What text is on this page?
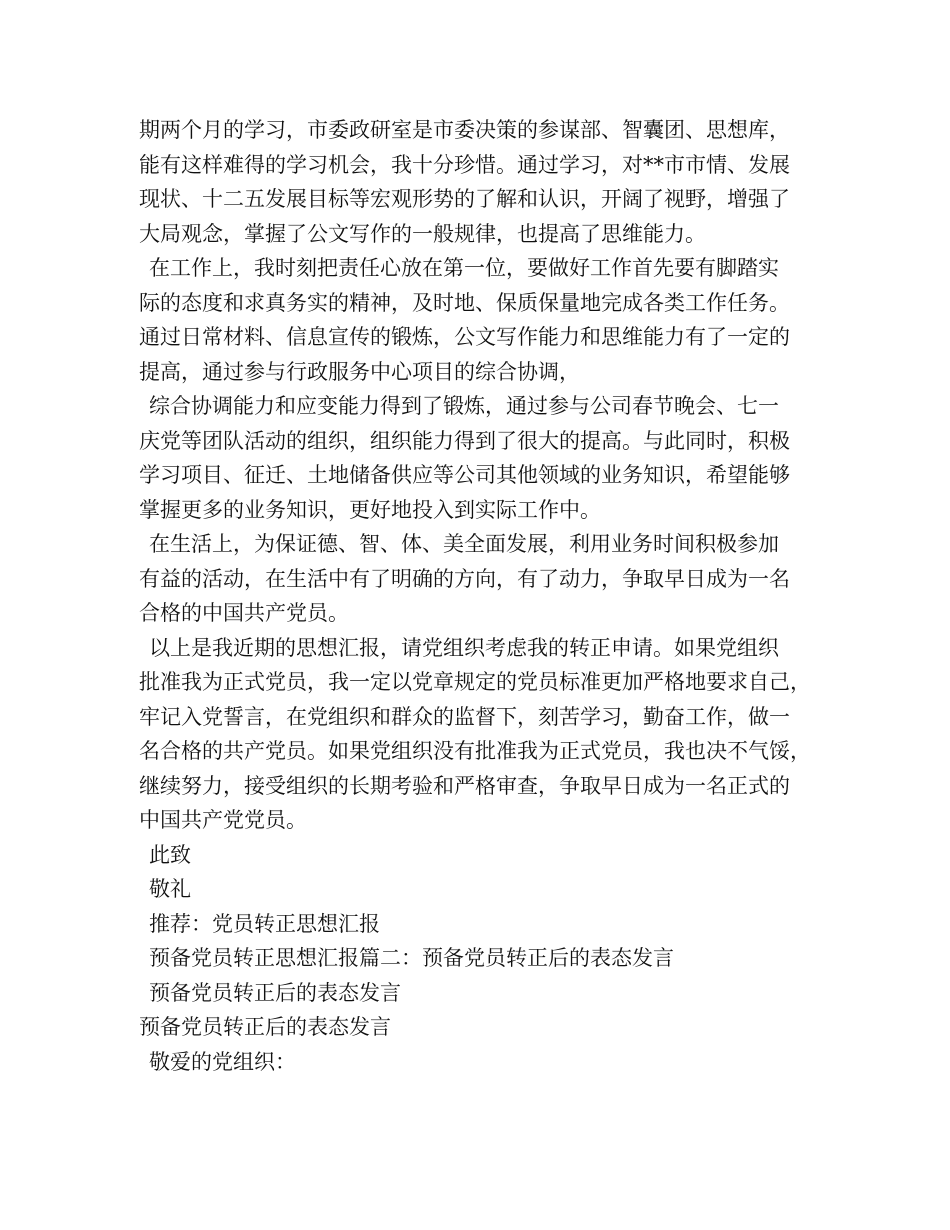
期两个月的学习，市委政研室是市委决策的参谋部、智囊团、思想库，
能有这样难得的学习机会，我十分珍惜。通过学习，对**市市情、发展
现状、十二五发展目标等宏观形势的了解和认识，开阔了视野，增强了
大局观念，掌握了公文写作的一般规律，也提高了思维能力。
在工作上，我时刻把责任心放在第一位，要做好工作首先要有脚踏实
际的态度和求真务实的精神，及时地、保质保量地完成各类工作任务。
通过日常材料、信息宣传的锻炼，公文写作能力和思维能力有了一定的
提高，通过参与行政服务中心项目的综合协调，
综合协调能力和应变能力得到了锻炼，通过参与公司春节晚会、七一
庆党等团队活动的组织，组织能力得到了很大的提高。与此同时，积极
学习项目、征迁、土地储备供应等公司其他领域的业务知识，希望能够
掌握更多的业务知识，更好地投入到实际工作中。
在生活上，为保证德、智、体、美全面发展，利用业务时间积极参加
有益的活动，在生活中有了明确的方向，有了动力，争取早日成为一名
合格的中国共产党员。
以上是我近期的思想汇报，请党组织考虑我的转正申请。如果党组织
批准我为正式党员，我一定以党章规定的党员标准更加严格地要求自己，
牢记入党誓言，在党组织和群众的监督下，刻苦学习，勤奋工作，做一
名合格的共产党员。如果党组织没有批准我为正式党员，我也决不气馁，
继续努力，接受组织的长期考验和严格审查，争取早日成为一名正式的
中国共产党党员。
此致
敬礼
推荐：党员转正思想汇报
预备党员转正思想汇报篇二：预备党员转正后的表态发言
预备党员转正后的表态发言
预备党员转正后的表态发言
敬爱的党组织：
